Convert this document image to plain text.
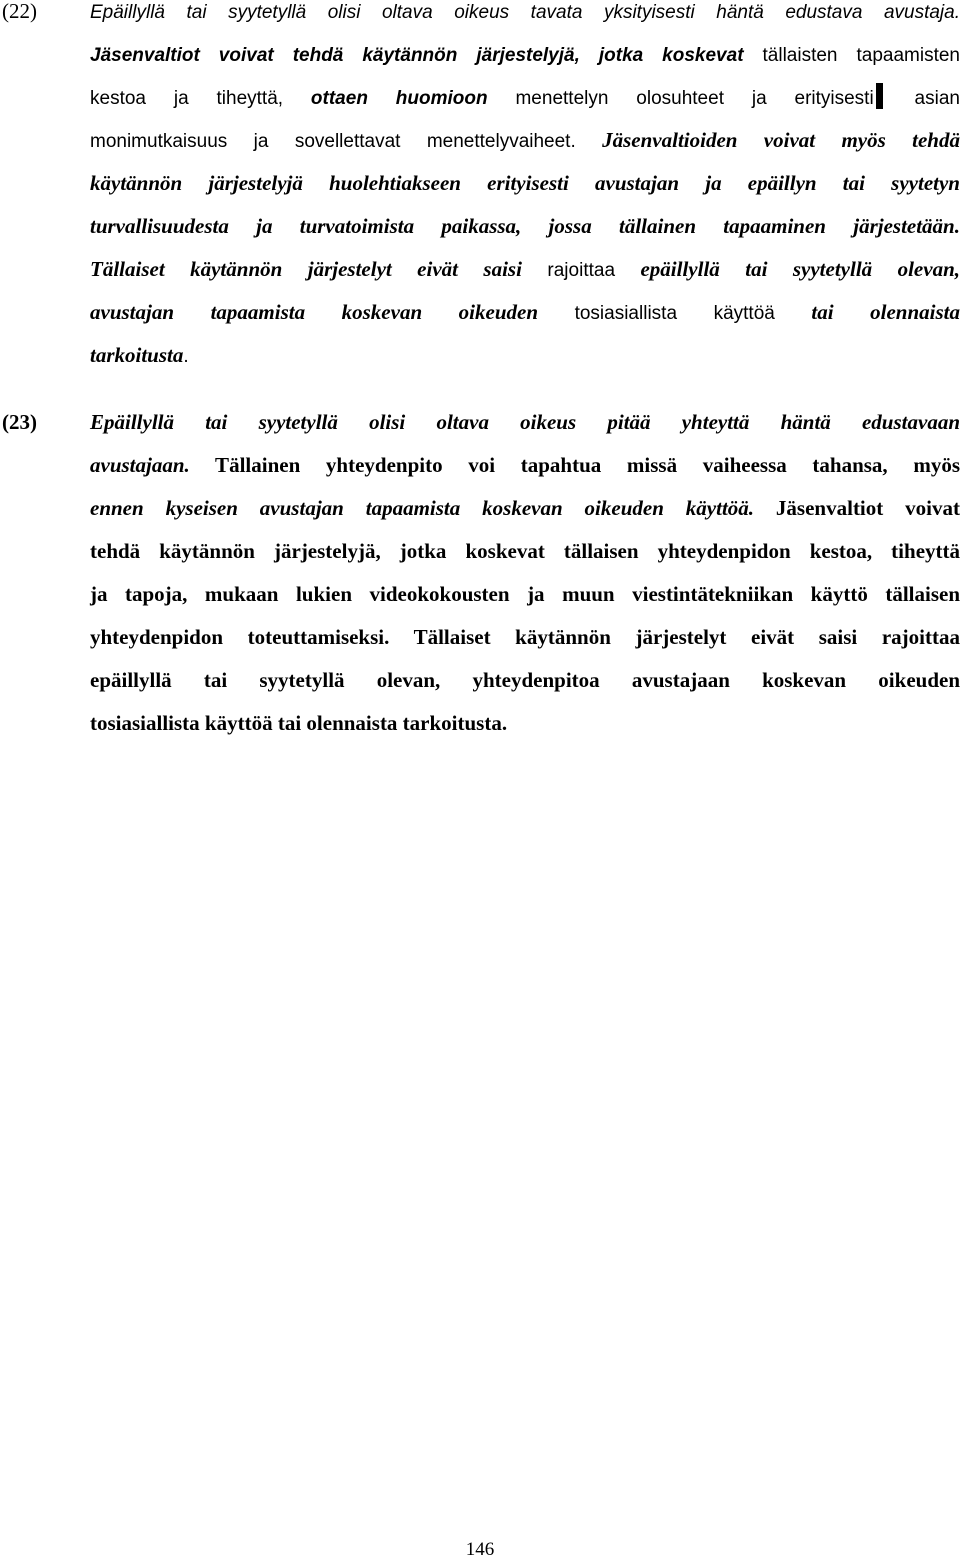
(22)	Epäillyllä tai syytetyllä olisi oltava oikeus tavata yksityisesti häntä edustava avustaja.
Jäsenvaltiot voivat tehdä käytännön järjestelyjä, jotka koskevat tällaisten tapaamisten
kestoa ja tiheyttä, ottaen huomioon menettelyn olosuhteet ja erityisesti asian
monimutkaisuus ja sovellettavat menettelyvaiheet. Jäsenvaltioiden voivat myös tehdä
käytännön järjestelyjä huolehtiakseen erityisesti avustajan ja epäillyn tai syytetyn
turvallisuudesta ja turvatoimista paikassa, jossa tällainen tapaaminen järjestetään.
Tällaiset käytännön järjestelyt eivät saisi rajoittaa epäillyllä tai syytetyllä olevan,
avustajan tapaamista koskevan oikeuden tosiasiallista käyttöä tai olennaista
tarkoitusta.
(23)	Epäillyllä tai syytetyllä olisi oltava oikeus pitää yhteyttä häntä edustavaan
avustajaan. Tällainen yhteydenpito voi tapahtua missä vaiheessa tahansa, myös
ennen kyseisen avustajan tapaamista koskevan oikeuden käyttöä. Jäsenvaltiot voivat
tehdä käytännön järjestelyjä, jotka koskevat tällaisen yhteydenpidon kestoa, tiheyttä
ja tapoja, mukaan lukien videokokousten ja muun viestintätekniikan käyttö tällaisen
yhteydenpidon toteuttamiseksi. Tällaiset käytännön järjestelyt eivät saisi rajoittaa
epäillyllä tai syytetyllä olevan, yhteydenpitoa avustajaan koskevan oikeuden
tosiasiallista käyttöä tai olennaista tarkoitusta.
146
